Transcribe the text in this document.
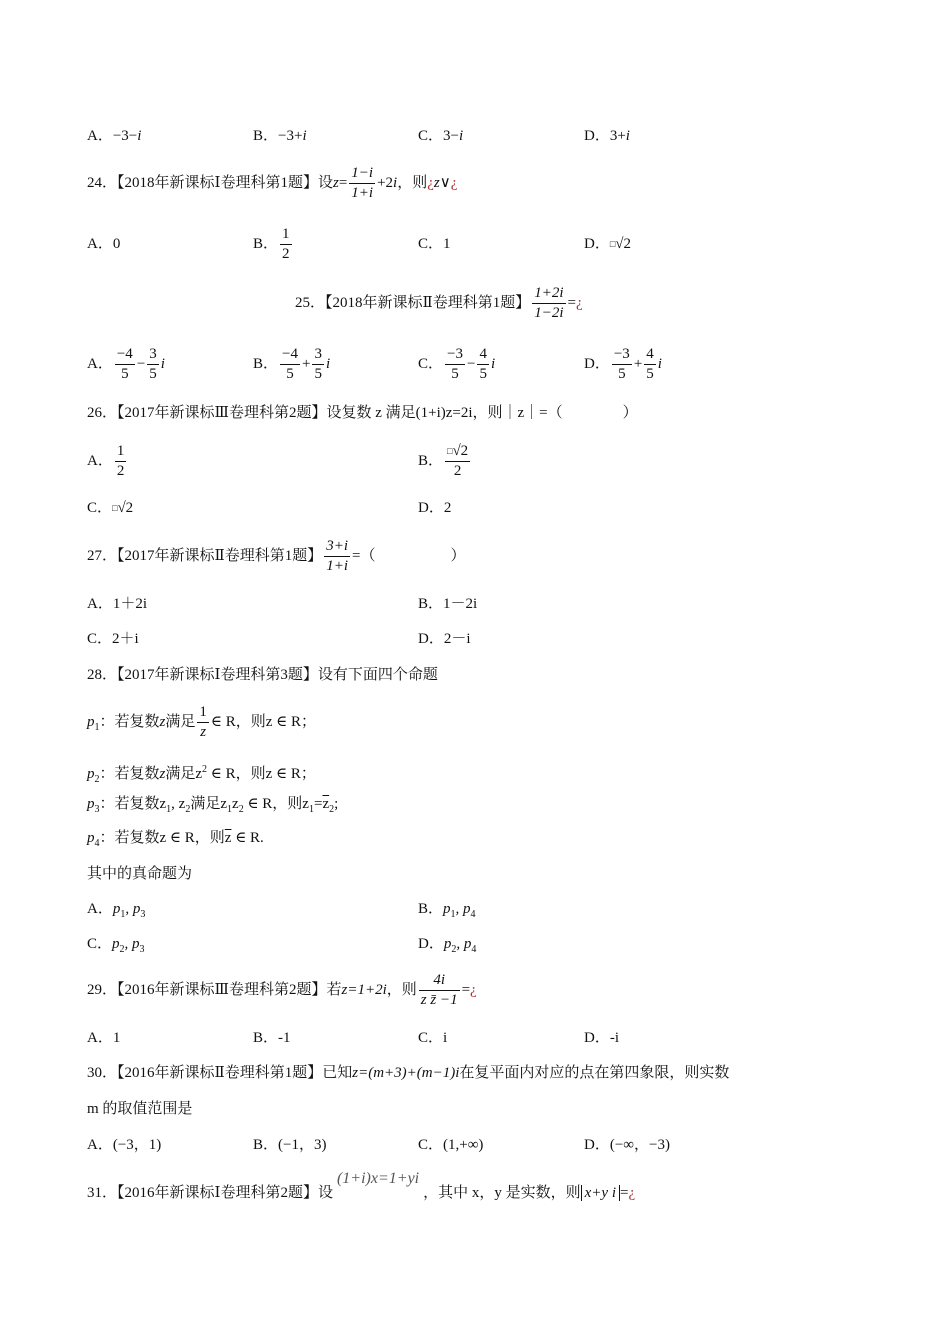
A．−3−i	B．−3+i	C．3−i	D．3+i
24．【2018年新课标Ⅰ卷理科第1题】设$z= \frac{1-i}{1+i} +2i$，则¿z∨¿
A．0	B． $\frac{1}{2}$	C．1	D．□√2
25．【2018年新课标Ⅱ卷理科第1题】 $\frac{1+2i}{1-2i}$ =¿
A． $\frac{-4}{5} - \frac{3}{5}$ i	B． $\frac{-4}{5} + \frac{3}{5}$ i	C． $\frac{-3}{5} - \frac{4}{5}$ i	D． $\frac{-3}{5} + \frac{4}{5}$ i
26．【2017年新课标Ⅲ卷理科第2题】设复数 z 满足(1+i)z=2i，则｜z｜=（　　　　）
A． $\frac{1}{2}$	B． $\frac{^□√2}{2}$
C．□√2	D．2
27．【2017年新课标Ⅱ卷理科第1题】 $\frac{3+i}{1+i}$ =（　　　　　）
A．1＋2i	B．1－2i
C．2＋i	D．2－i
28．【2017年新课标Ⅰ卷理科第3题】设有下面四个命题
$p_1$：若复数z满足 $\frac{1}{z}$ ∈ R，则z ∈ R；
$p_2$：若复数z满足$z^2$ ∈ R，则z ∈ R；
$p_3$：若复数$z_1$, $z_2$满足$z_1z_2$ ∈ R，则$z_1=\overline{z}_2$;
$p_4$：若复数z ∈ R，则$\overline{z}$ ∈ R.
其中的真命题为
A．$p_1$, $p_3$	B．$p_1$, $p_4$
C．$p_2$, $p_3$	D．$p_2$, $p_4$
29．【2016年新课标Ⅲ卷理科第2题】若z=1+2i，则 $\frac{4i}{\text{z z̄ −1}}$ =¿
A．1	B．-1	C．i	D．-i
30．【2016年新课标Ⅱ卷理科第1题】已知z=(m+3)+(m−1)i在复平面内对应的点在第四象限，则实数
m 的取值范围是
A．(−3，1)	B．(−1，3)	C．(1,+∞)	D．(−∞，−3)
31．【2016年新课标Ⅰ卷理科第2题】设(1+i)x=1+yi，其中 x，y 是实数，则 x+y i =¿
